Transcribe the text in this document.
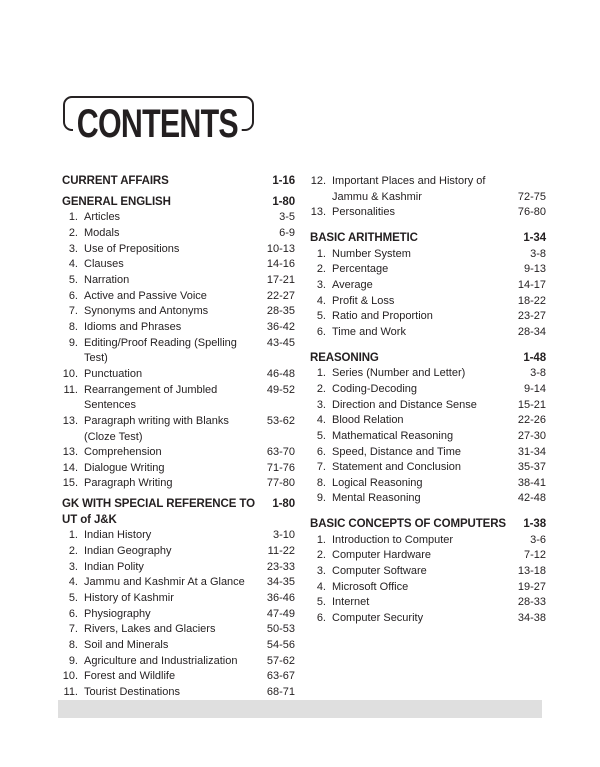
CONTENTS
CURRENT AFFAIRS	1-16
GENERAL ENGLISH	1-80
1. Articles	3-5
2. Modals	6-9
3. Use of Prepositions	10-13
4. Clauses	14-16
5. Narration	17-21
6. Active and Passive Voice	22-27
7. Synonyms and Antonyms	28-35
8. Idioms and Phrases	36-42
9. Editing/Proof Reading (Spelling Test)
43-45
10. Punctuation	46-48
11. Rearrangement of Jumbled Sentences
49-52
13. Paragraph writing with Blanks (Cloze Test)
53-62
13. Comprehension	63-70
14. Dialogue Writing	71-76
15. Paragraph Writing	77-80
GK WITH SPECIAL REFERENCE TO UT of J&K
1-80
1. Indian History	3-10
2. Indian Geography	11-22
3. Indian Polity	23-33
4. Jammu and Kashmir At a Glance	34-35
5. History of Kashmir	36-46
6. Physiography	47-49
7. Rivers, Lakes and Glaciers	50-53
8. Soil and Minerals	54-56
9. Agriculture and Industrialization	57-62
10. Forest and Wildlife	63-67
11. Tourist Destinations	68-71
12. Important Places and History of
Jammu & Kashmir	72-75
13. Personalities	76-80
BASIC ARITHMETIC	1-34
1. Number System	3-8
2. Percentage	9-13
3. Average	14-17
4. Profit & Loss	18-22
5. Ratio and Proportion	23-27
6. Time and Work	28-34
REASONING	1-48
1. Series (Number and Letter)	3-8
2. Coding-Decoding	9-14
3. Direction and Distance Sense	15-21
4. Blood Relation	22-26
5. Mathematical Reasoning	27-30
6. Speed, Distance and Time	31-34
7. Statement and Conclusion	35-37
8. Logical Reasoning	38-41
9. Mental Reasoning	42-48
BASIC CONCEPTS OF COMPUTERS	1-38
1. Introduction to Computer	3-6
2. Computer Hardware	7-12
3. Computer Software	13-18
4. Microsoft Office	19-27
5. Internet	28-33
6. Computer Security	34-38
